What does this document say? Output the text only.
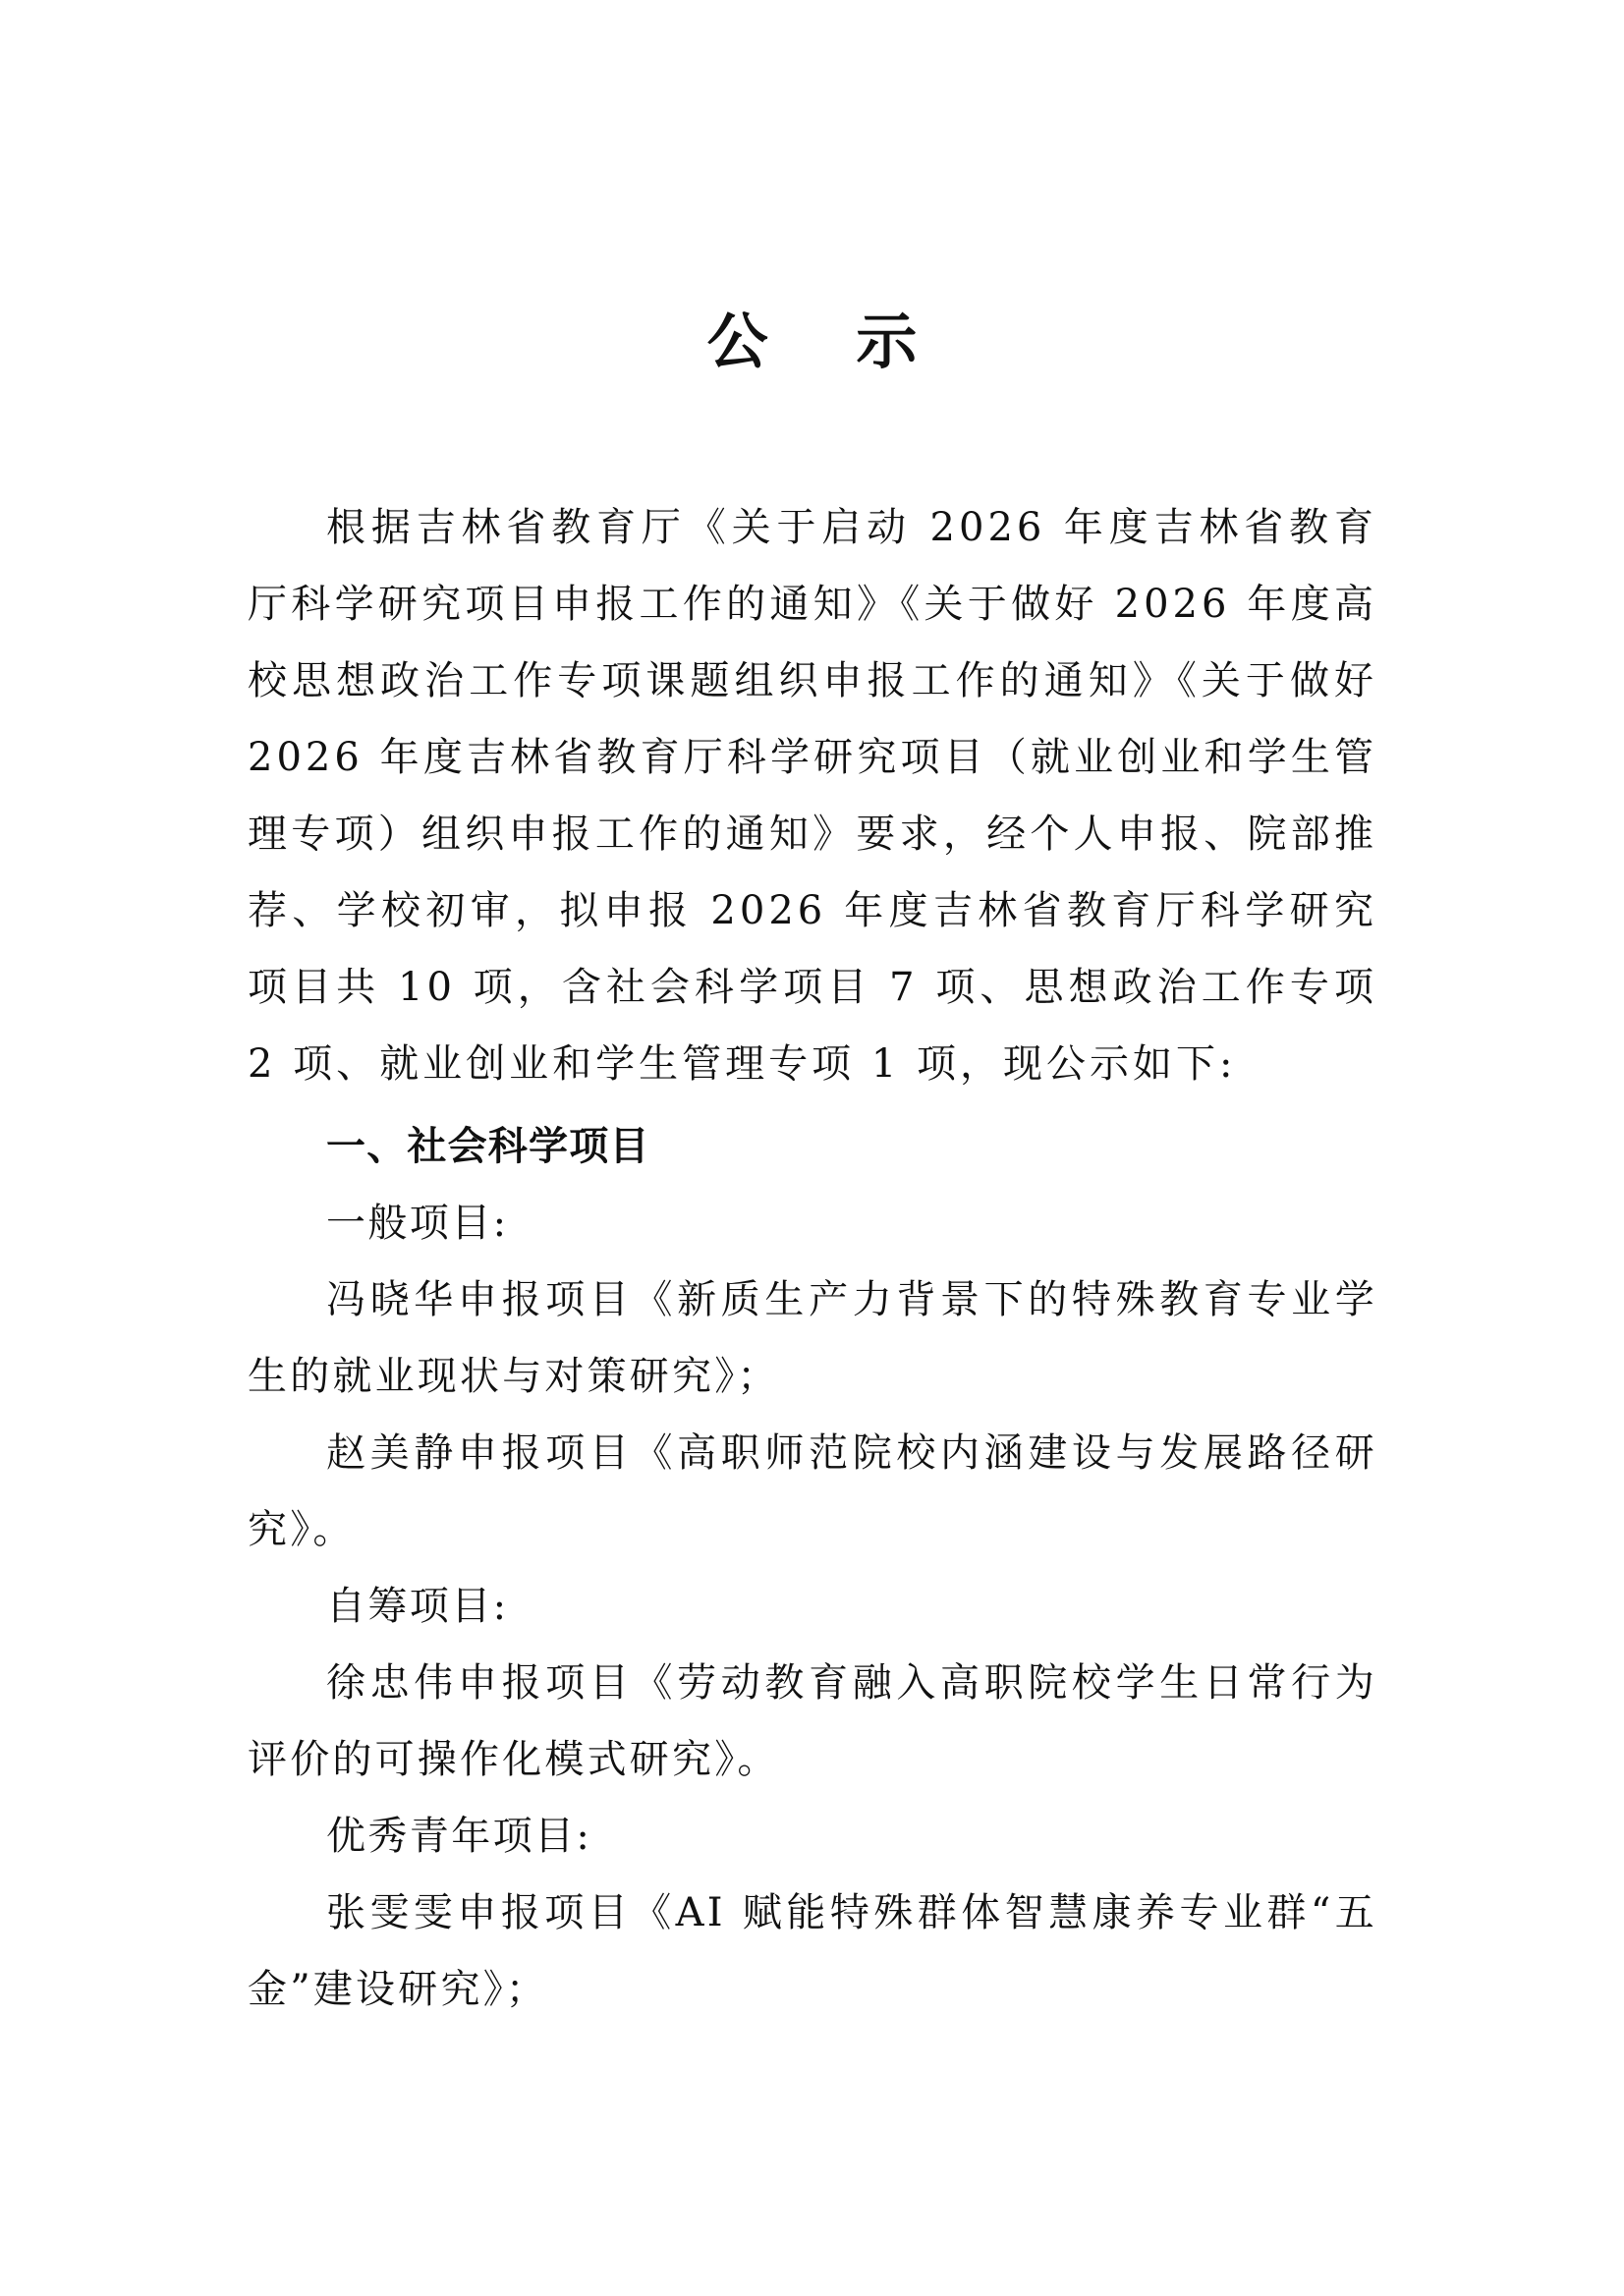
公 示

根据吉林省教育厅《关于启动 2026 年度吉林省教育厅科学研究项目申报工作的通知》《关于做好 2026 年度高校思想政治工作专项课题组织申报工作的通知》《关于做好 2026 年度吉林省教育厅科学研究项目（就业创业和学生管理专项）组织申报工作的通知》要求，经个人申报、院部推荐、学校初审，拟申报 2026 年度吉林省教育厅科学研究项目共 10 项，含社会科学项目 7 项、思想政治工作专项 2 项、就业创业和学生管理专项 1 项，现公示如下:

一、社会科学项目

一般项目:

冯晓华申报项目《新质生产力背景下的特殊教育专业学生的就业现状与对策研究》；

赵美静申报项目《高职师范院校内涵建设与发展路径研究》。

自筹项目:

徐忠伟申报项目《劳动教育融入高职院校学生日常行为评价的可操作化模式研究》。

优秀青年项目:

张雯雯申报项目《AI 赋能特殊群体智慧康养专业群“五金”建设研究》；
